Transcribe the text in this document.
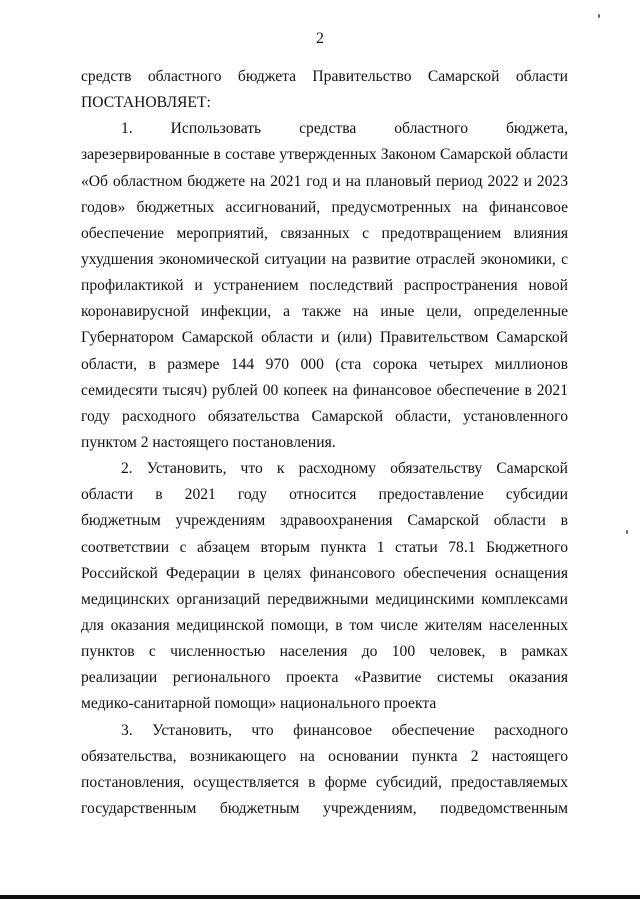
2
средств областного бюджета Правительство Самарской области
ПОСТАНОВЛЯЕТ:
1. Использовать средства областного бюджета,
зарезервированные в составе утвержденных Законом Самарской области
«Об областном бюджете на 2021 год и на плановый период 2022 и 2023
годов» бюджетных ассигнований, предусмотренных на финансовое
обеспечение мероприятий, связанных с предотвращением влияния
ухудшения экономической ситуации на развитие отраслей экономики, с
профилактикой и устранением последствий распространения новой
коронавирусной инфекции, а также на иные цели, определенные
Губернатором Самарской области и (или) Правительством Самарской
области, в размере 144 970 000 (ста сорока четырех миллионов
семидесяти тысяч) рублей 00 копеек на финансовое обеспечение в 2021
году расходного обязательства Самарской области, установленного
пунктом 2 настоящего постановления.
2. Установить, что к расходному обязательству Самарской
области в 2021 году относится предоставление субсидии
бюджетным учреждениям здравоохранения Самарской области в
соответствии с абзацем вторым пункта 1 статьи 78.1 Бюджетного
Российской Федерации в целях финансового обеспечения оснащения
медицинских организаций передвижными медицинскими комплексами
для оказания медицинской помощи, в том числе жителям населенных
пунктов с численностью населения до 100 человек, в рамках
реализации регионального проекта «Развитие системы оказания
медико-санитарной помощи» национального проекта
3. Установить, что финансовое обеспечение расходного
обязательства, возникающего на основании пункта 2 настоящего
постановления, осуществляется в форме субсидий, предоставляемых
государственным бюджетным учреждениям, подведомственным
